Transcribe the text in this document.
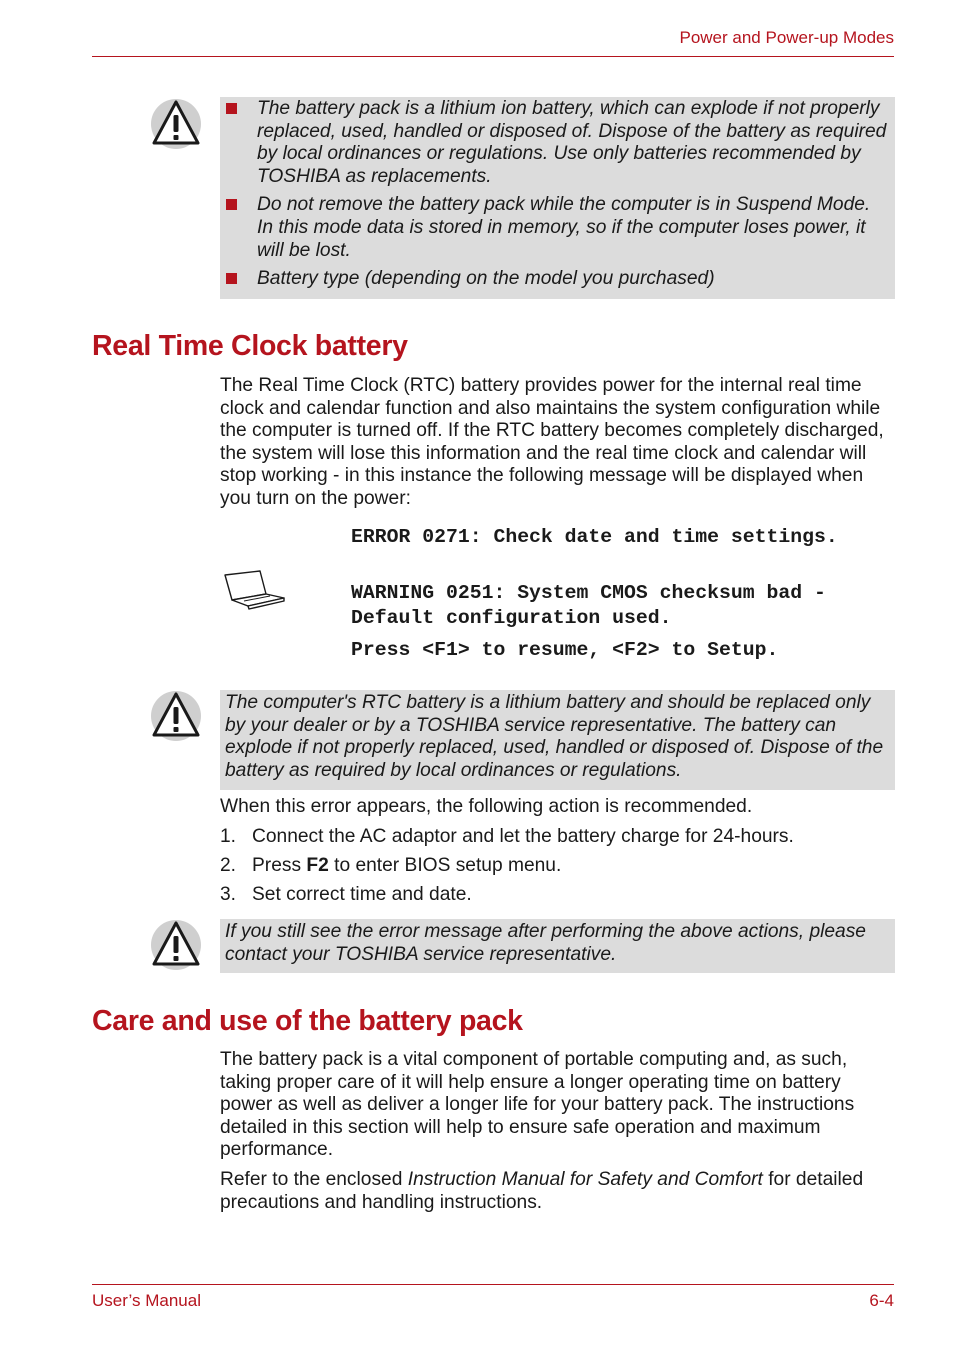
Power and Power-up Modes
The battery pack is a lithium ion battery, which can explode if not properly replaced, used, handled or disposed of. Dispose of the battery as required by local ordinances or regulations. Use only batteries recommended by TOSHIBA as replacements.
Do not remove the battery pack while the computer is in Suspend Mode. In this mode data is stored in memory, so if the computer loses power, it will be lost.
Battery type (depending on the model you purchased)
Real Time Clock battery
The Real Time Clock (RTC) battery provides power for the internal real time clock and calendar function and also maintains the system configuration while the computer is turned off. If the RTC battery becomes completely discharged, the system will lose this information and the real time clock and calendar will stop working - in this instance the following message will be displayed when you turn on the power:
ERROR 0271: Check date and time settings.
WARNING 0251: System CMOS checksum bad - Default configuration used.
Press <F1> to resume, <F2> to Setup.
The computer's RTC battery is a lithium battery and should be replaced only by your dealer or by a TOSHIBA service representative. The battery can explode if not properly replaced, used, handled or disposed of. Dispose of the battery as required by local ordinances or regulations.
When this error appears, the following action is recommended.
1. Connect the AC adaptor and let the battery charge for 24-hours.
2. Press F2 to enter BIOS setup menu.
3. Set correct time and date.
If you still see the error message after performing the above actions, please contact your TOSHIBA service representative.
Care and use of the battery pack
The battery pack is a vital component of portable computing and, as such, taking proper care of it will help ensure a longer operating time on battery power as well as deliver a longer life for your battery pack. The instructions detailed in this section will help to ensure safe operation and maximum performance.
Refer to the enclosed Instruction Manual for Safety and Comfort for detailed precautions and handling instructions.
User’s Manual	6-4
